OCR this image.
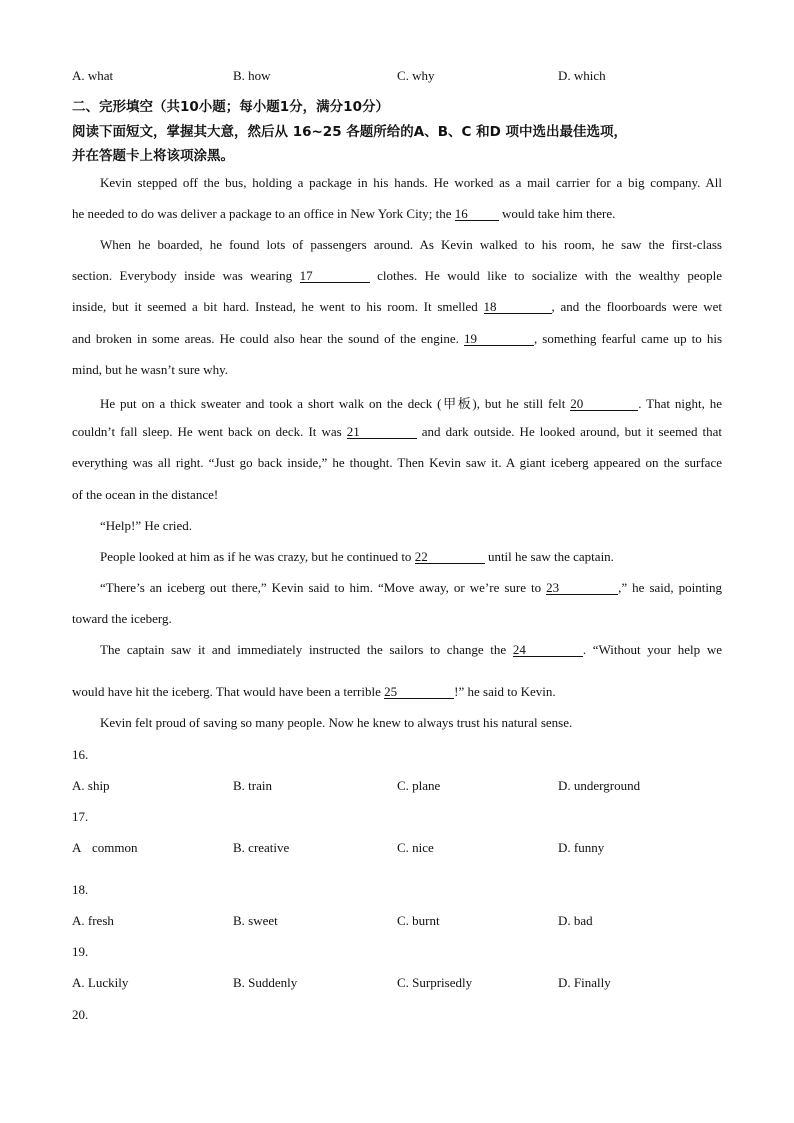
A. what	B. how	C. why	D. which
二、完形填空（共10小题；每小题1分，满分10分）
阅读下面短文，掌握其大意，然后从 16~25 各题所给的A、B、C 和D 项中选出最佳选项，
并在答题卡上将该项涂黑。
Kevin stepped off the bus, holding a package in his hands. He worked as a mail carrier for a big company. All
he needed to do was deliver a package to an office in New York City; the 16	would take him there.
When he boarded, he found lots of passengers around. As Kevin walked to his room, he saw the first-class
section. Everybody inside was wearing 17	clothes. He would like to socialize with the wealthy people
inside, but it seemed a bit hard. Instead, he went to his room. It smelled 18	, and the floorboards were wet
and broken in some areas. He could also hear the sound of the engine. 19	, something fearful came up to his
mind, but he wasn’t sure why.
He put on a thick sweater and took a short walk on the deck (甲板), but he still felt 20	. That night, he
couldn’t fall sleep. He went back on deck. It was 21	and dark outside. He looked around, but it seemed that
everything was all right. “Just go back inside,” he thought. Then Kevin saw it. A giant iceberg appeared on the surface
of the ocean in the distance!
“Help!” He cried.
People looked at him as if he was crazy, but he continued to 22	until he saw the captain.
“There’s an iceberg out there,” Kevin said to him. “Move away, or we’re sure to 23	,” he said, pointing
toward the iceberg.
The captain saw it and immediately instructed the sailors to change the 24	. “Without your help we
would have hit the iceberg. That would have been a terrible 25	!” he said to Kevin.
Kevin felt proud of saving so many people. Now he knew to always trust his natural sense.
16.
A. ship	B. train	C. plane	D. underground
17.
A common	B. creative	C. nice	D. funny
18.
A. fresh	B. sweet	C. burnt	D. bad
19.
A. Luckily	B. Suddenly	C. Surprisedly	D. Finally
20.
